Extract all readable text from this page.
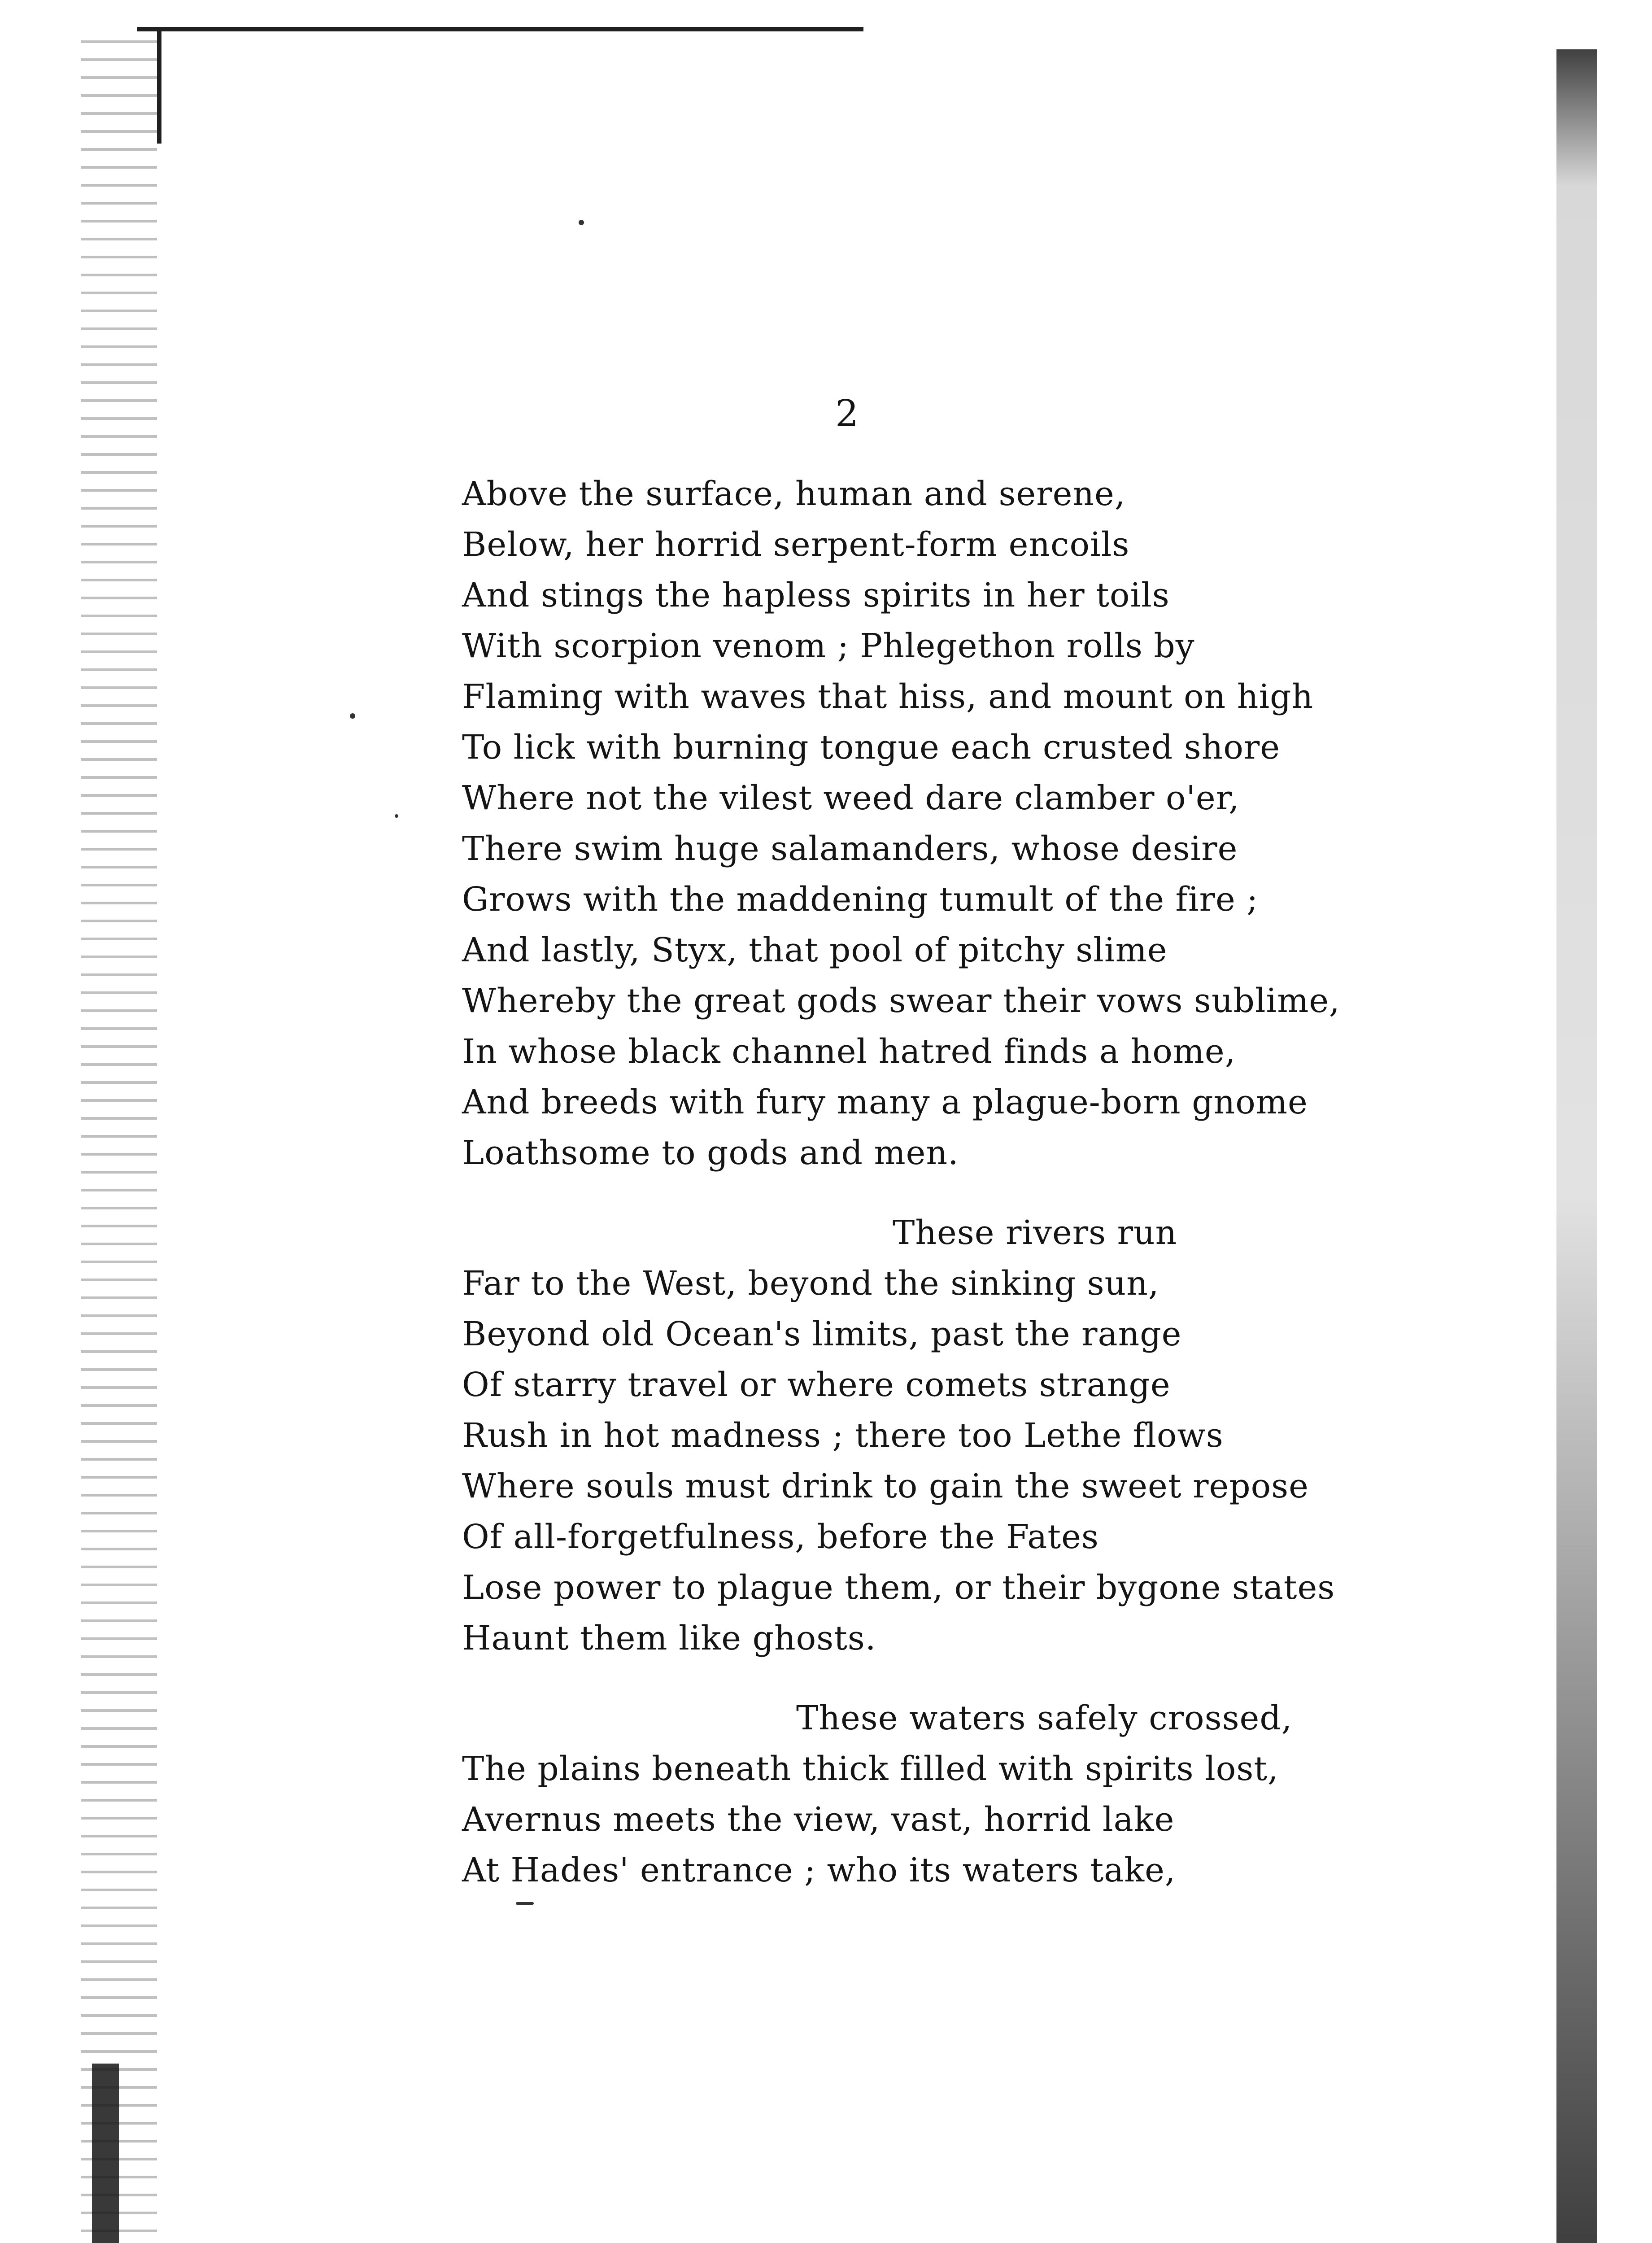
2
Above the surface, human and serene,
Below, her horrid serpent-form encoils
And stings the hapless spirits in her toils
With scorpion venom ; Phlegethon rolls by
Flaming with waves that hiss, and mount on high
To lick with burning tongue each crusted shore
Where not the vilest weed dare clamber o'er,
There swim huge salamanders, whose desire
Grows with the maddening tumult of the fire ;
And lastly, Styx, that pool of pitchy slime
Whereby the great gods swear their vows sublime,
In whose black channel hatred finds a home,
And breeds with fury many a plague-born gnome
Loathsome to gods and men.
These rivers run
Far to the West, beyond the sinking sun,
Beyond old Ocean's limits, past the range
Of starry travel or where comets strange
Rush in hot madness ; there too Lethe flows
Where souls must drink to gain the sweet repose
Of all-forgetfulness, before the Fates
Lose power to plague them, or their bygone states
Haunt them like ghosts.
These waters safely crossed,
The plains beneath thick filled with spirits lost,
Avernus meets the view, vast, horrid lake
At Hades' entrance ; who its waters take,
